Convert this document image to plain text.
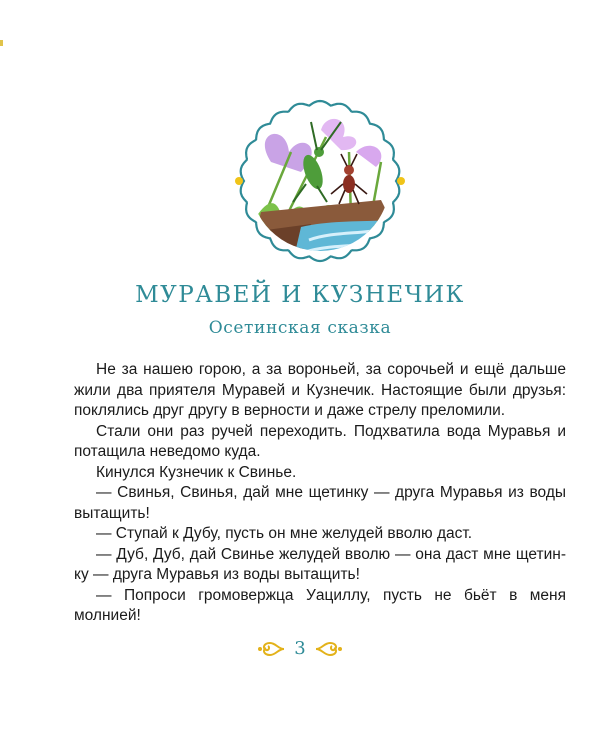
МУРАВЕЙ И КУЗНЕЧИК
Осетинская сказка

Не за нашею горою, а за вороньей, за сорочьей и ещё дальше жили два приятеля Муравей и Кузнечик. Настоящие были друзья: поклялись друг другу в верности и даже стрелу преломили.

Стали они раз ручей переходить. Подхватила вода Муравья и потащила неведомо куда.

Кинулся Кузнечик к Свинье.

— Свинья, Свинья, дай мне щетинку — друга Муравья из воды вытащить!

— Ступай к Дубу, пусть он мне желудей вволю даст.

— Дуб, Дуб, дай Свинье желудей вволю — она даст мне щетинку — друга Муравья из воды вытащить!

— Попроси громовержца Уациллу, пусть не бьёт в меня молнией!

3
